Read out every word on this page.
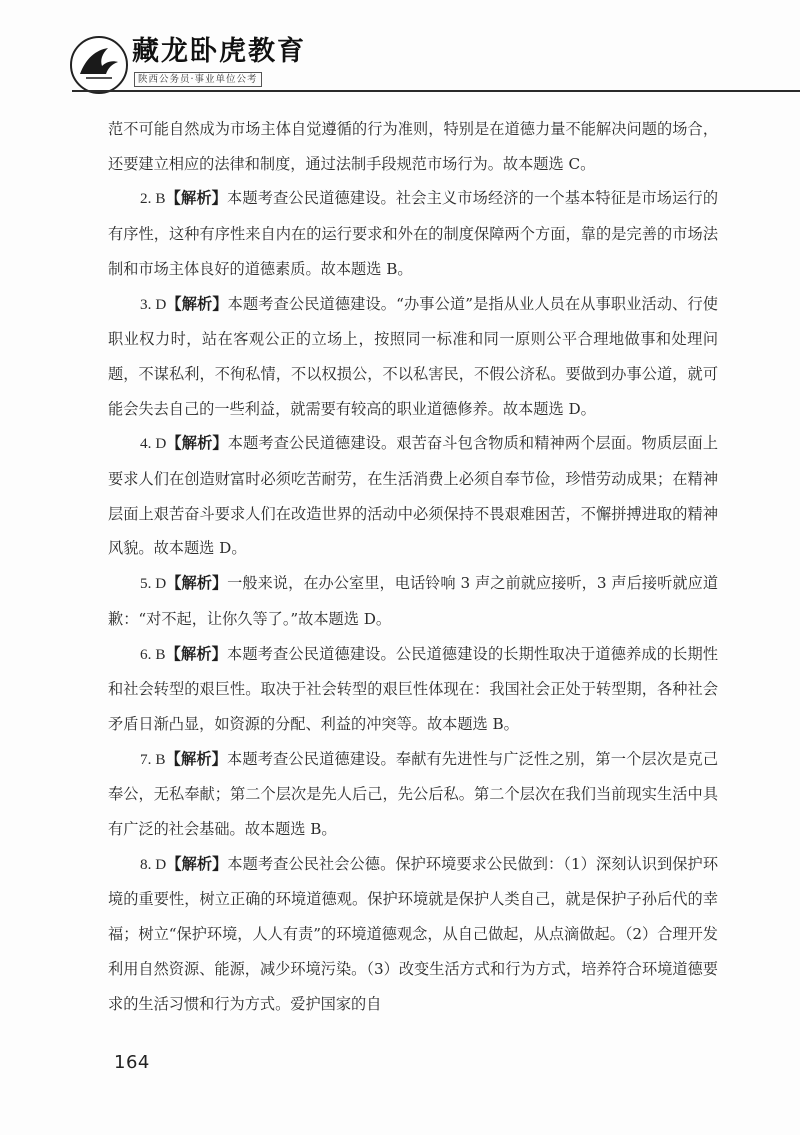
藏龙卧虎教育
陕西公务员·事业单位公考

范不可能自然成为市场主体自觉遵循的行为准则，特别是在道德力量不能解决问题的场合，还要建立相应的法律和制度，通过法制手段规范市场行为。故本题选 C。

2. B【解析】本题考查公民道德建设。社会主义市场经济的一个基本特征是市场运行的有序性，这种有序性来自内在的运行要求和外在的制度保障两个方面，靠的是完善的市场法制和市场主体良好的道德素质。故本题选 B。

3. D【解析】本题考查公民道德建设。“办事公道”是指从业人员在从事职业活动、行使职业权力时，站在客观公正的立场上，按照同一标准和同一原则公平合理地做事和处理问题，不谋私利，不徇私情，不以权损公，不以私害民，不假公济私。要做到办事公道，就可能会失去自己的一些利益，就需要有较高的职业道德修养。故本题选 D。

4. D【解析】本题考查公民道德建设。艰苦奋斗包含物质和精神两个层面。物质层面上要求人们在创造财富时必须吃苦耐劳，在生活消费上必须自奉节俭，珍惜劳动成果；在精神层面上艰苦奋斗要求人们在改造世界的活动中必须保持不畏艰难困苦，不懈拼搏进取的精神风貌。故本题选 D。

5. D【解析】一般来说，在办公室里，电话铃响 3 声之前就应接听，3 声后接听就应道歉：“对不起，让你久等了。”故本题选 D。

6. B【解析】本题考查公民道德建设。公民道德建设的长期性取决于道德养成的长期性和社会转型的艰巨性。取决于社会转型的艰巨性体现在：我国社会正处于转型期，各种社会矛盾日渐凸显，如资源的分配、利益的冲突等。故本题选 B。

7. B【解析】本题考查公民道德建设。奉献有先进性与广泛性之别，第一个层次是克己奉公，无私奉献；第二个层次是先人后己，先公后私。第二个层次在我们当前现实生活中具有广泛的社会基础。故本题选 B。

8. D【解析】本题考查公民社会公德。保护环境要求公民做到：（1）深刻认识到保护环境的重要性，树立正确的环境道德观。保护环境就是保护人类自己，就是保护子孙后代的幸福；树立“保护环境，人人有责”的环境道德观念，从自己做起，从点滴做起。（2）合理开发利用自然资源、能源，减少环境污染。（3）改变生活方式和行为方式，培养符合环境道德要求的生活习惯和行为方式。爱护国家的自

164
